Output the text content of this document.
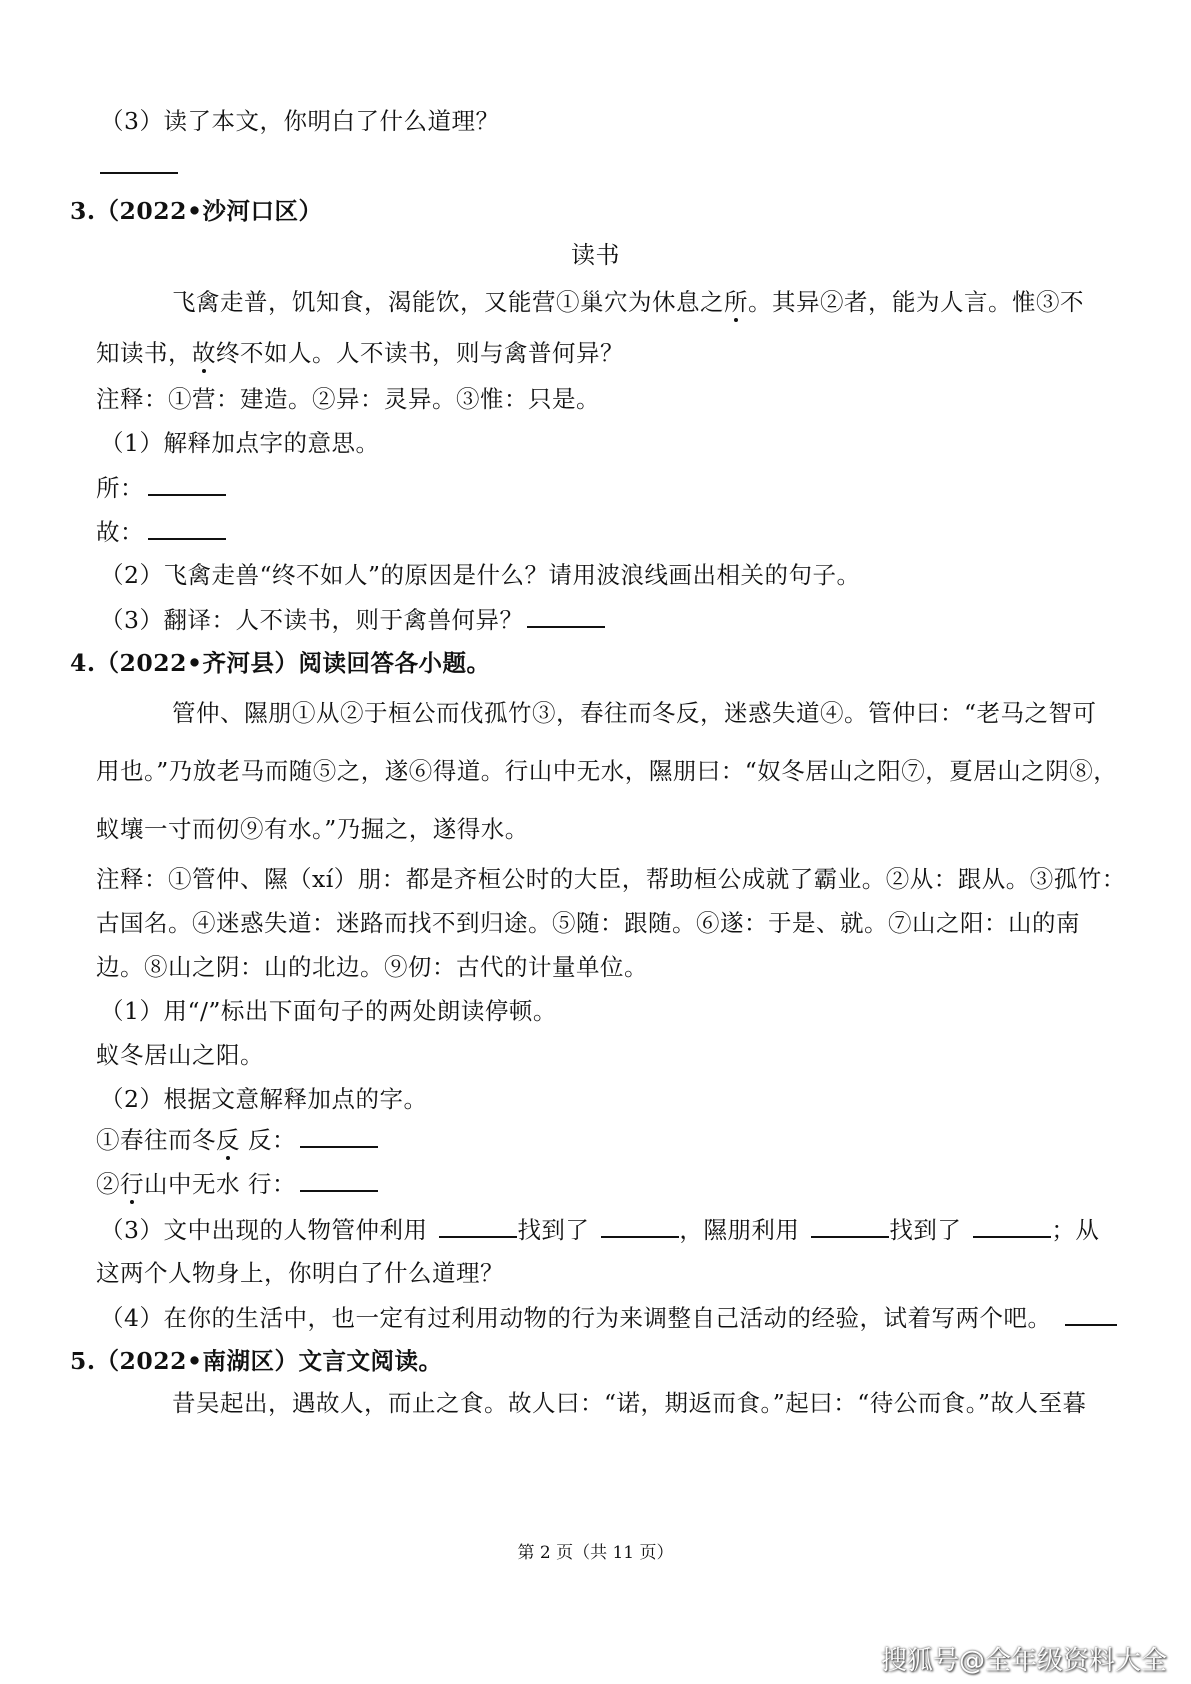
（3）读了本文，你明白了什么道理？
3.（2022•沙河口区）
读书
飞禽走普，饥知食，渴能饮，又能营①巢穴为休息之所。其异②者，能为人言。惟③不
知读书，故终不如人。人不读书，则与禽普何异？
注释：①营：建造。②异：灵异。③惟：只是。
（1）解释加点字的意思。
所：
故：
（2）飞禽走兽“终不如人”的原因是什么？请用波浪线画出相关的句子。
（3）翻译：人不读书，则于禽兽何异？
4.（2022•齐河县）阅读回答各小题。
管仲、隰朋①从②于桓公而伐孤竹③，春往而冬反，迷惑失道④。管仲曰：“老马之智可
用也。”乃放老马而随⑤之，遂⑥得道。行山中无水，隰朋曰：“奴冬居山之阳⑦，夏居山之阴⑧，
蚁壤一寸而仞⑨有水。”乃掘之，遂得水。
注释：①管仲、隰（xí）朋：都是齐桓公时的大臣，帮助桓公成就了霸业。②从：跟从。③孤竹：
古国名。④迷惑失道：迷路而找不到归途。⑤随：跟随。⑥遂：于是、就。⑦山之阳：山的南
边。⑧山之阴：山的北边。⑨仞：古代的计量单位。
（1）用“/”标出下面句子的两处朗读停顿。
蚁冬居山之阳。
（2）根据文意解释加点的字。
①春往而冬反 反：
②行山中无水 行：
（3）文中出现的人物管仲利用	找到了	，隰朋利用	找到了	；从
这两个人物身上，你明白了什么道理？
（4）在你的生活中，也一定有过利用动物的行为来调整自己活动的经验，试着写两个吧。
5.（2022•南湖区）文言文阅读。
昔吴起出，遇故人，而止之食。故人曰：“诺，期返而食。”起曰：“待公而食。”故人至暮
第 2 页（共 11 页）
搜狐号@全年级资料大全
